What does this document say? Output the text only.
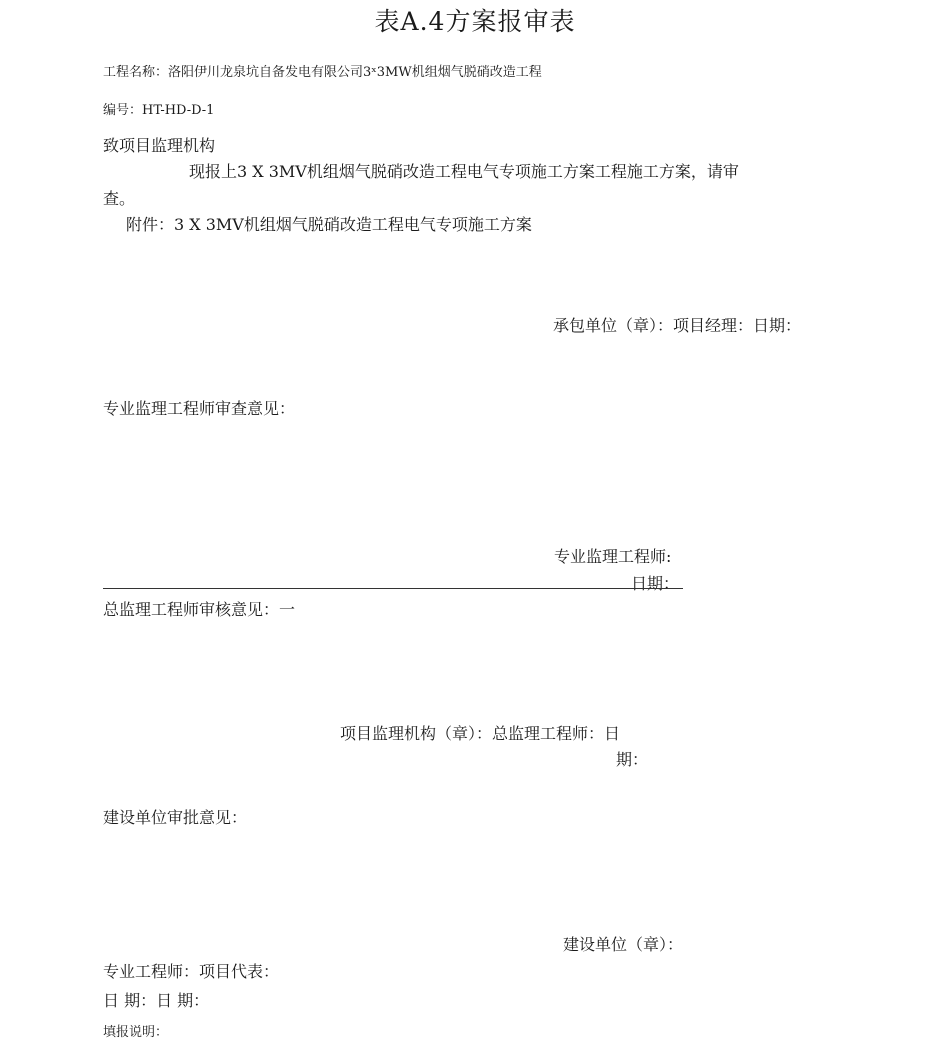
表A.4方案报审表
工程名称：洛阳伊川龙泉坑自备发电有限公司3ˣ3MW机组烟气脱硝改造工程
编号：HT-HD-D-1
致项目监理机构
现报上3 X 3MV机组烟气脱硝改造工程电气专项施工方案工程施工方案，请审
查。
附件：3 X 3MV机组烟气脱硝改造工程电气专项施工方案
承包单位（章）：项目经理：日期：
专业监理工程师审查意见：
专业监理工程师:
日期：
总监理工程师审核意见：一
项目监理机构（章）：总监理工程师：日
期：
建设单位审批意见：
建设单位（章）：
专业工程师：项目代表：
日 期：日 期：
填报说明：
